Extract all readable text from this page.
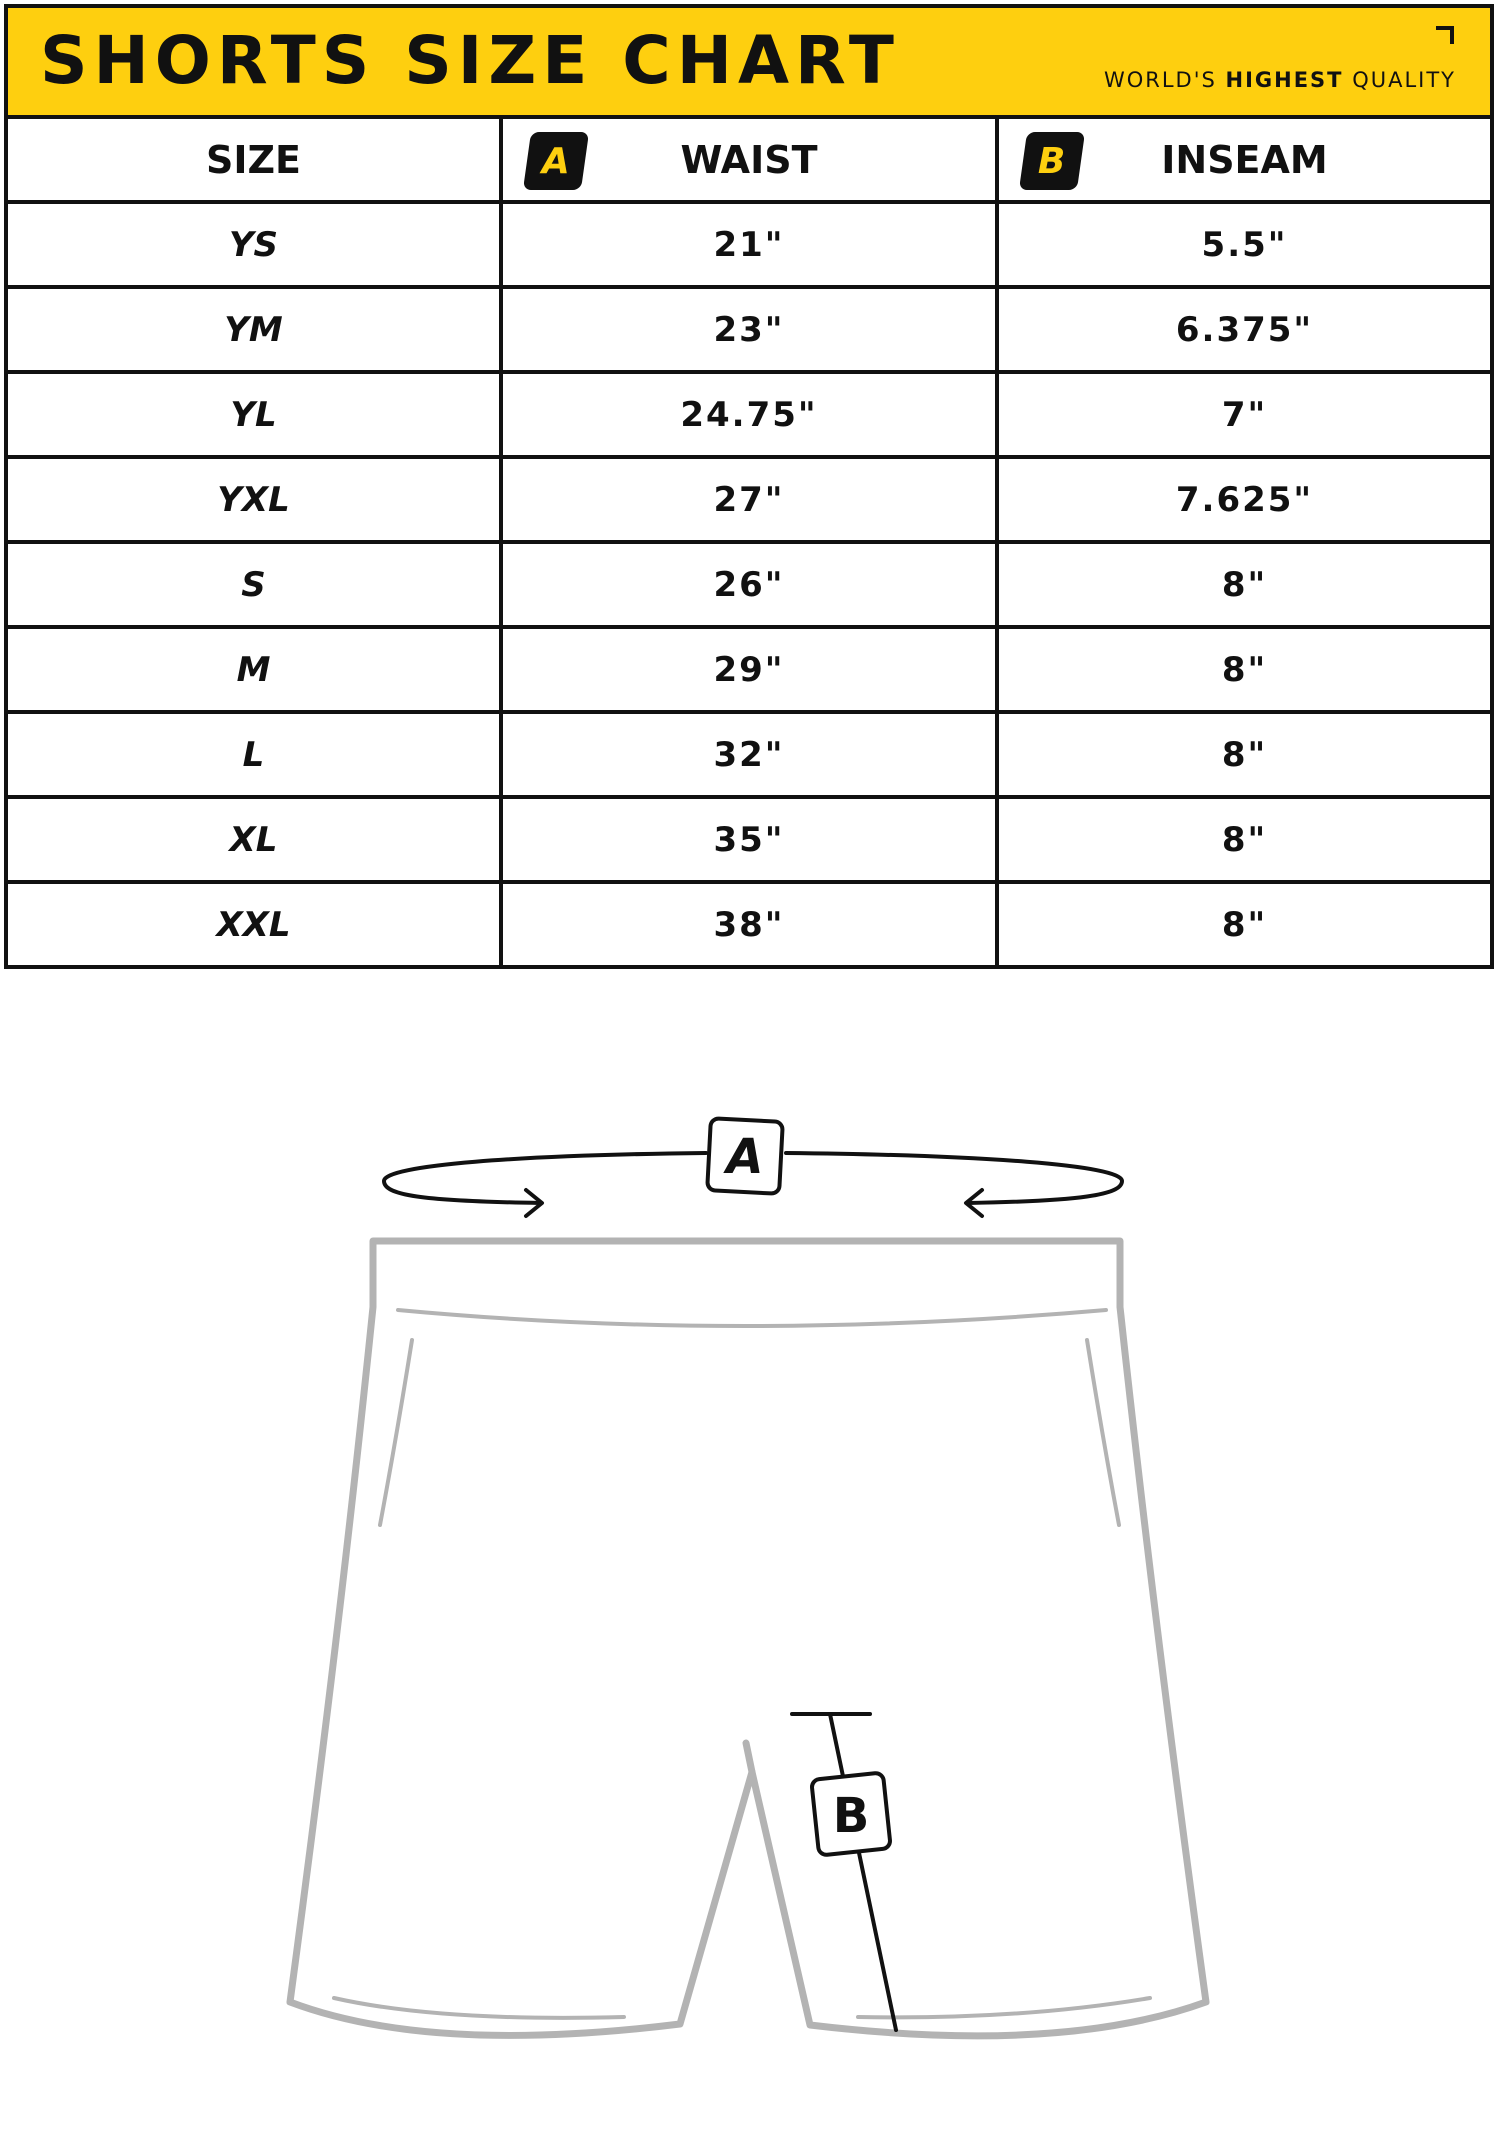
SHORTS SIZE CHART WORLD'S HIGHEST QUALITY		

SIZE	A WAIST	B INSEAM
YS	21"	5.5"
YM	23"	6.375"
YL	24.75"	7"
YXL	27"	7.625"
S	26"	8"
M	29"	8"
L	32"	8"
XL	35"	8"
XXL	38"	8"
A
B
